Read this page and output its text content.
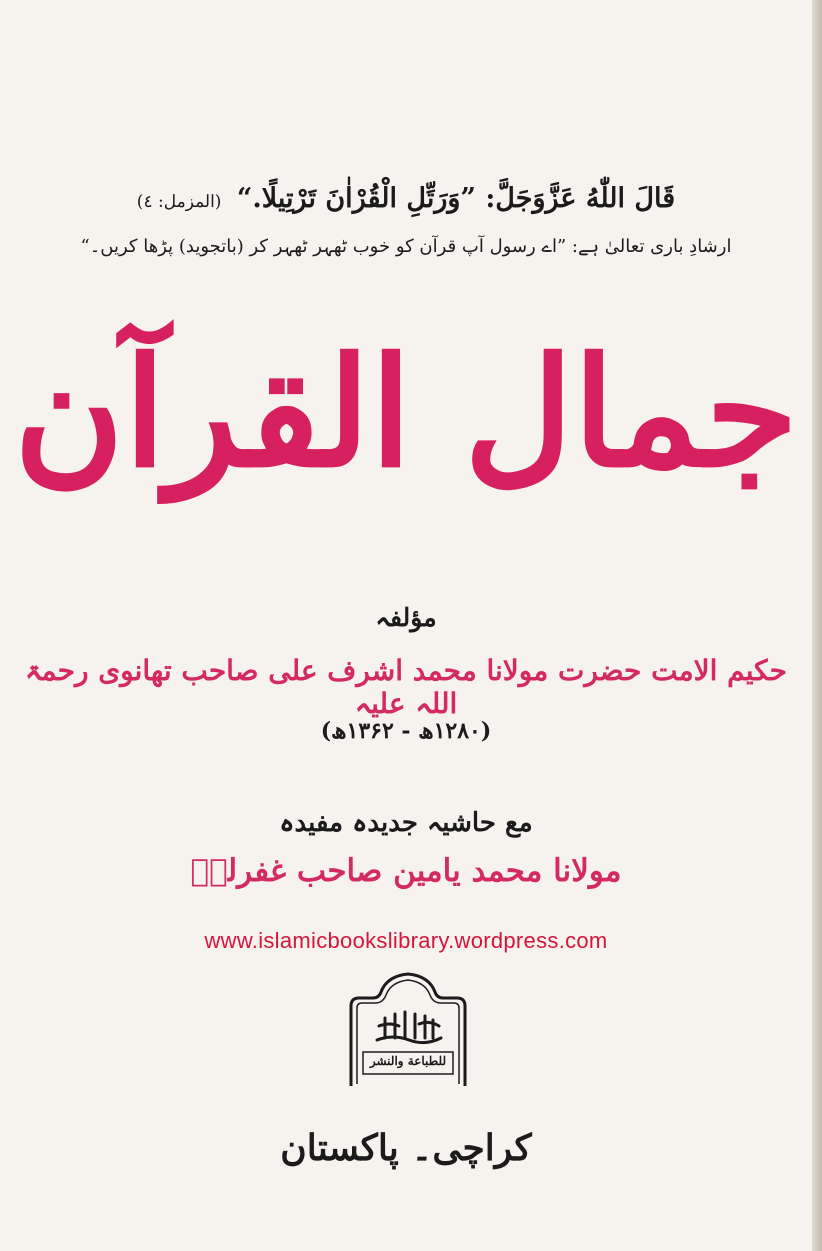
قَالَ اللّٰهُ عَزَّوَجَلَّ: ”وَرَتِّلِ الْقُرْاٰنَ تَرْتِيلًا.“ (المزمل: ٤)
ارشادِ باری تعالیٰ ہے: ”اے رسول آپ قرآن کو خوب ٹھہر ٹھہر کر (باتجوید) پڑھا کریں۔“
جمال القرآن
مؤلفہ
حکیم الامت حضرت مولانا محمد اشرف علی صاحب تھانوی رحمۃ اللہ علیہ
(۱۲۸۰ھ - ۱۳۶۲ھ)
مع حاشیہ جدیدہ مفیدہ
مولانا محمد یامین صاحب غفرلہٗ
www.islamicbookslibrary.wordpress.com
للطباعة والنشر
کراچی۔ پاکستان
